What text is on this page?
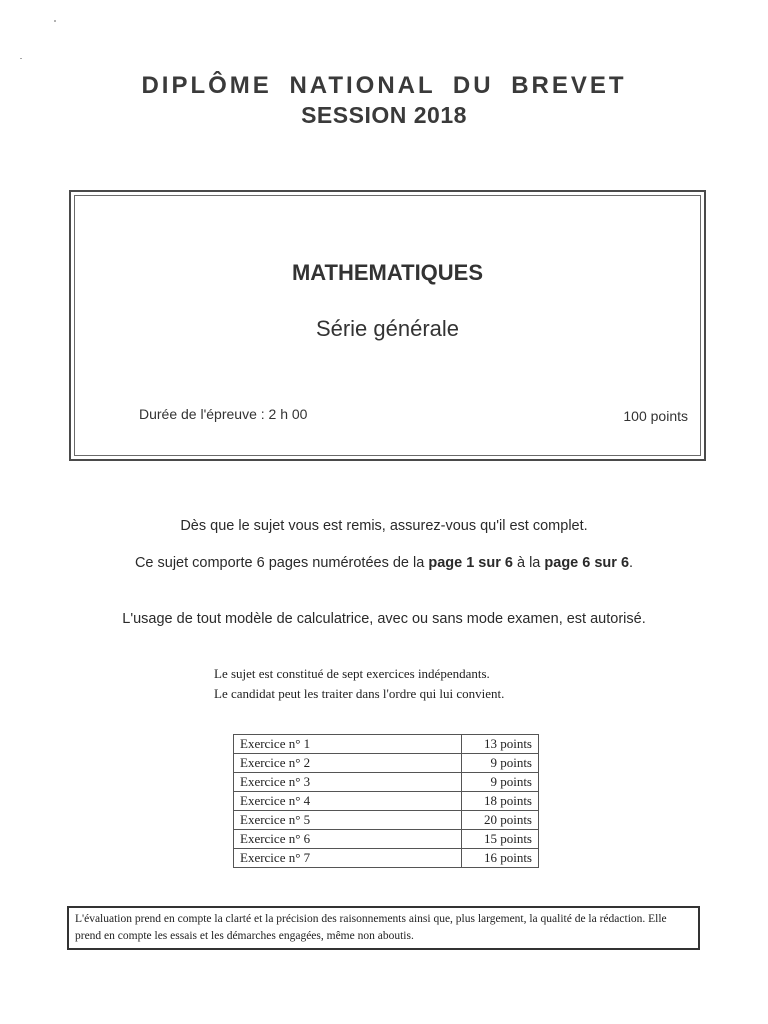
DIPLÔME NATIONAL DU BREVET
SESSION 2018
MATHEMATIQUES
Série générale
Durée de l'épreuve : 2 h 00	100 points
Dès que le sujet vous est remis, assurez-vous qu'il est complet.
Ce sujet comporte 6 pages numérotées de la page 1 sur 6 à la page 6 sur 6.
L'usage de tout modèle de calculatrice, avec ou sans mode examen, est autorisé.
Le sujet est constitué de sept exercices indépendants.
Le candidat peut les traiter dans l'ordre qui lui convient.
Exercice n° 1	13 points
Exercice n° 2	9 points
Exercice n° 3	9 points
Exercice n° 4	18 points
Exercice n° 5	20 points
Exercice n° 6	15 points
Exercice n° 7	16 points
L'évaluation prend en compte la clarté et la précision des raisonnements ainsi que, plus largement, la qualité de la rédaction. Elle prend en compte les essais et les démarches engagées, même non aboutis.
